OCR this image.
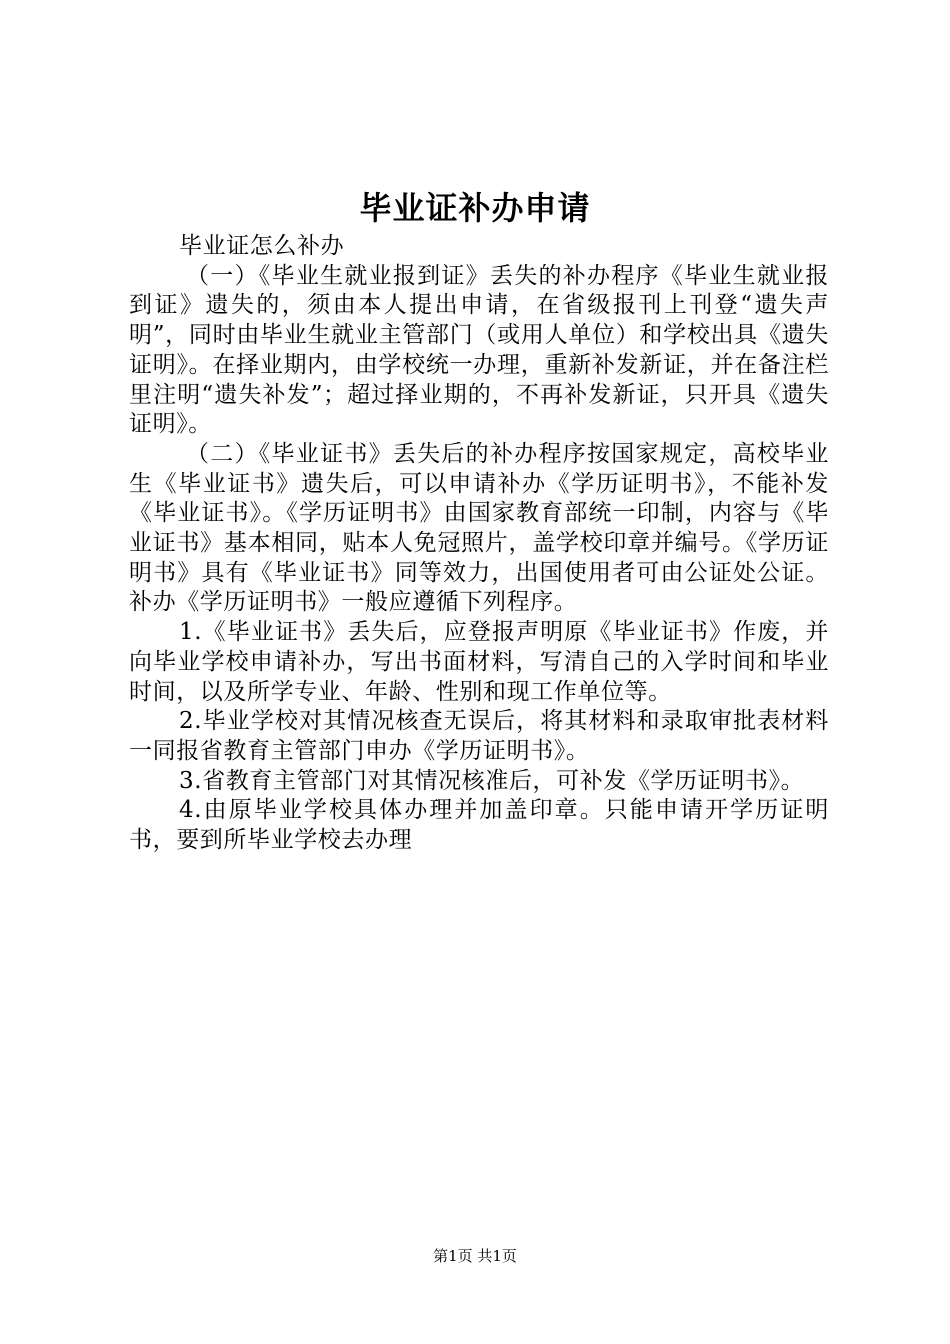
毕业证补办申请

毕业证怎么补办

（一）《毕业生就业报到证》丢失的补办程序《毕业生就业报到证》遗失的，须由本人提出申请，在省级报刊上刊登“遗失声明”，同时由毕业生就业主管部门（或用人单位）和学校出具《遗失证明》。在择业期内，由学校统一办理，重新补发新证，并在备注栏里注明“遗失补发”；超过择业期的，不再补发新证，只开具《遗失证明》。

（二）《毕业证书》丢失后的补办程序按国家规定，高校毕业生《毕业证书》遗失后，可以申请补办《学历证明书》，不能补发《毕业证书》。《学历证明书》由国家教育部统一印制，内容与《毕业证书》基本相同，贴本人免冠照片，盖学校印章并编号。《学历证明书》具有《毕业证书》同等效力，出国使用者可由公证处公证。补办《学历证明书》一般应遵循下列程序。

1.《毕业证书》丢失后，应登报声明原《毕业证书》作废，并向毕业学校申请补办，写出书面材料，写清自己的入学时间和毕业时间，以及所学专业、年龄、性别和现工作单位等。

2.毕业学校对其情况核查无误后，将其材料和录取审批表材料一同报省教育主管部门申办《学历证明书》。

3.省教育主管部门对其情况核准后，可补发《学历证明书》。

4.由原毕业学校具体办理并加盖印章。只能申请开学历证明书，要到所毕业学校去办理

第1页 共1页
